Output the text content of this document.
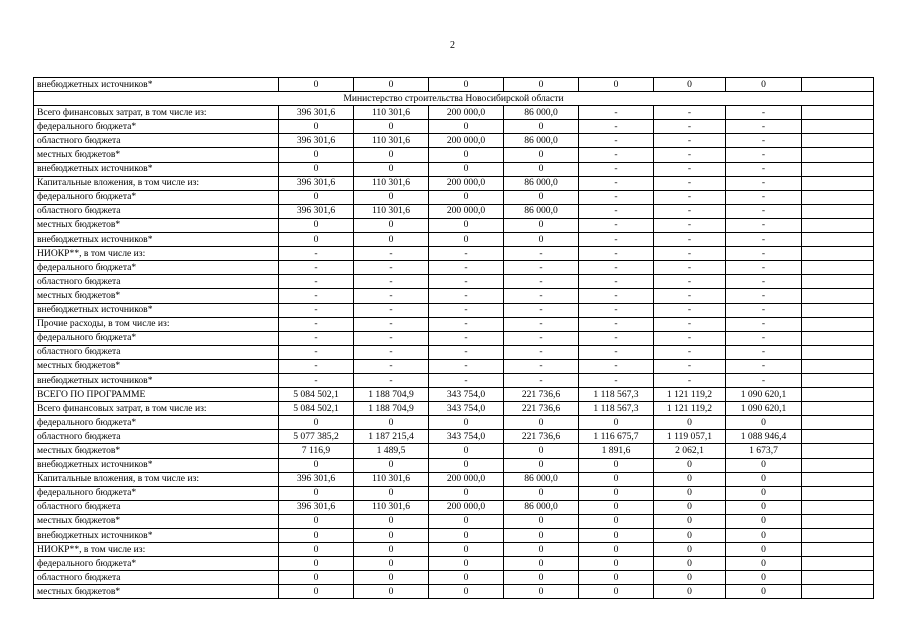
2
внебюджетных источников*	0	0	0	0	0	0	0	
Министерство строительства Новосибирской области								
Всего финансовых затрат, в том числе из:	396 301,6	110 301,6	200 000,0	86 000,0	-	-	-	
федерального бюджета*	0	0	0	0	-	-	-	
областного бюджета	396 301,6	110 301,6	200 000,0	86 000,0	-	-	-	
местных бюджетов*	0	0	0	0	-	-	-	
внебюджетных источников*	0	0	0	0	-	-	-	
Капитальные вложения, в том числе из:	396 301,6	110 301,6	200 000,0	86 000,0	-	-	-	
федерального бюджета*	0	0	0	0	-	-	-	
областного бюджета	396 301,6	110 301,6	200 000,0	86 000,0	-	-	-	
местных бюджетов*	0	0	0	0	-	-	-	
внебюджетных источников*	0	0	0	0	-	-	-	
НИОКР**, в том числе из:	-	-	-	-	-	-	-	
федерального бюджета*	-	-	-	-	-	-	-	
областного бюджета	-	-	-	-	-	-	-	
местных бюджетов*	-	-	-	-	-	-	-	
внебюджетных источников*	-	-	-	-	-	-	-	
Прочие расходы, в том числе из:	-	-	-	-	-	-	-	
федерального бюджета*	-	-	-	-	-	-	-	
областного бюджета	-	-	-	-	-	-	-	
местных бюджетов*	-	-	-	-	-	-	-	
внебюджетных источников*	-	-	-	-	-	-	-	
ВСЕГО ПО ПРОГРАММЕ	5 084 502,1	1 188 704,9	343 754,0	221 736,6	1 118 567,3	1 121 119,2	1 090 620,1	
Всего финансовых затрат, в том числе из:	5 084 502,1	1 188 704,9	343 754,0	221 736,6	1 118 567,3	1 121 119,2	1 090 620,1	
федерального бюджета*	0	0	0	0	0	0	0	
областного бюджета	5 077 385,2	1 187 215,4	343 754,0	221 736,6	1 116 675,7	1 119 057,1	1 088 946,4	
местных бюджетов*	7 116,9	1 489,5	0	0	1 891,6	2 062,1	1 673,7	
внебюджетных источников*	0	0	0	0	0	0	0	
Капитальные вложения, в том числе из:	396 301,6	110 301,6	200 000,0	86 000,0	0	0	0	
федерального бюджета*	0	0	0	0	0	0	0	
областного бюджета	396 301,6	110 301,6	200 000,0	86 000,0	0	0	0	
местных бюджетов*	0	0	0	0	0	0	0	
внебюджетных источников*	0	0	0	0	0	0	0	
НИОКР**, в том числе из:	0	0	0	0	0	0	0	
федерального бюджета*	0	0	0	0	0	0	0	
областного бюджета	0	0	0	0	0	0	0	
местных бюджетов*	0	0	0	0	0	0	0	
